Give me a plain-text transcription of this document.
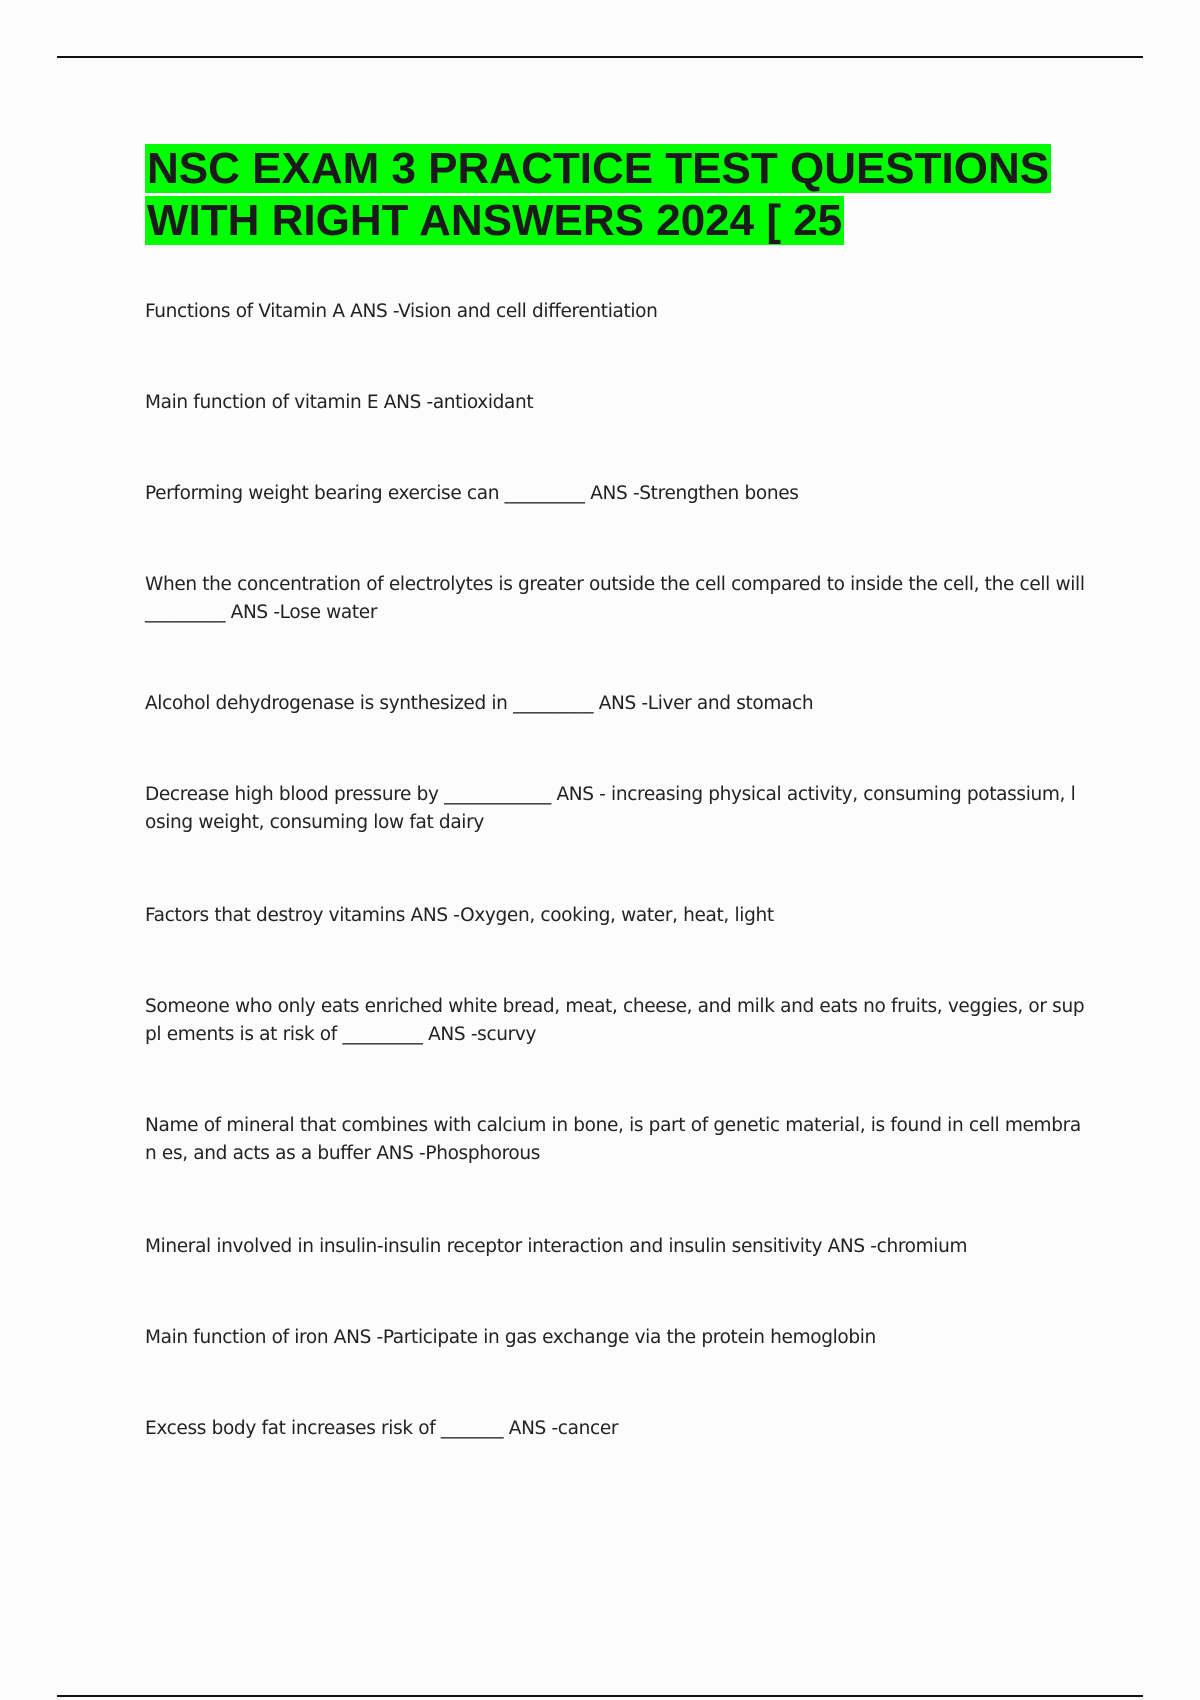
NSC EXAM 3 PRACTICE TEST QUESTIONS WITH RIGHT ANSWERS 2024 [ 25
Functions of Vitamin A ANS -Vision and cell differentiation
Main function of vitamin E ANS -antioxidant
Performing weight bearing exercise can _________ ANS -Strengthen bones
When the concentration of electrolytes is greater outside the cell compared to inside the cell, the cell will _________ ANS -Lose water
Alcohol dehydrogenase is synthesized in _________ ANS -Liver and stomach
Decrease high blood pressure by ____________ ANS - increasing physical activity, consuming potassium, losing weight, consuming low fat dairy
Factors that destroy vitamins ANS -Oxygen, cooking, water, heat, light
Someone who only eats enriched white bread, meat, cheese, and milk and eats no fruits, veggies, or suppl ements is at risk of _________ ANS -scurvy
Name of mineral that combines with calcium in bone, is part of genetic material, is found in cell membran es, and acts as a buffer ANS -Phosphorous
Mineral involved in insulin-insulin receptor interaction and insulin sensitivity ANS -chromium
Main function of iron ANS -Participate in gas exchange via the protein hemoglobin
Excess body fat increases risk of _______ ANS -cancer
